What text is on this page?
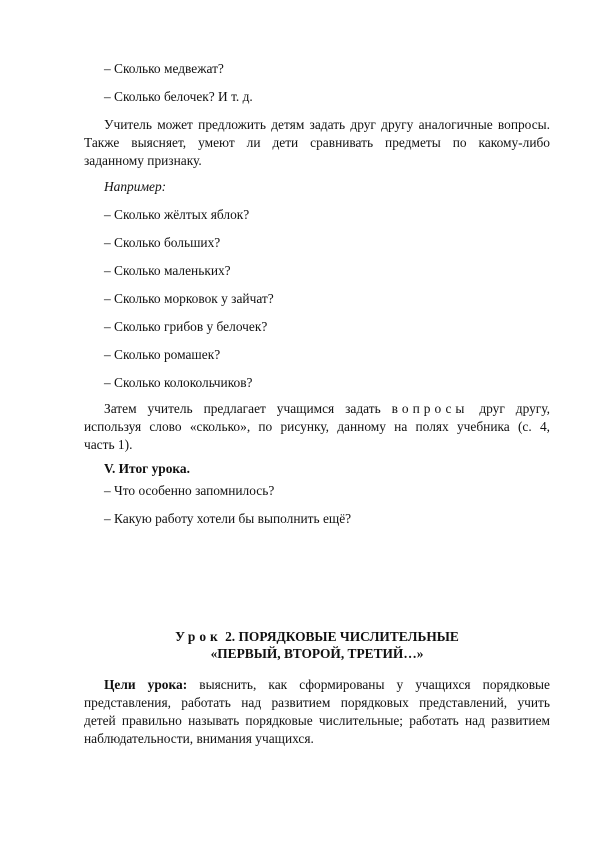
– Сколько медвежат?
– Сколько белочек? И т. д.
Учитель может предложить детям задать друг другу аналогичные вопросы.
Также выясняет, умеют ли дети сравнивать предметы по какому-либо
заданному признаку.
Например:
– Сколько жёлтых яблок?
– Сколько больших?
– Сколько маленьких?
– Сколько морковок у зайчат?
– Сколько грибов у белочек?
– Сколько ромашек?
– Сколько колокольчиков?
Затем учитель предлагает учащимся задать вопросы друг другу,
используя слово «сколько», по рисунку, данному на полях учебника (с. 4,
часть 1).
V. Итог урока.
– Что особенно запомнилось?
– Какую работу хотели бы выполнить ещё?
Урок 2. ПОРЯДКОВЫЕ ЧИСЛИТЕЛЬНЫЕ
«ПЕРВЫЙ, ВТОРОЙ, ТРЕТИЙ…»
Цели урока: выяснить, как сформированы у учащихся порядковые
представления, работать над развитием порядковых представлений, учить
детей правильно называть порядковые числительные; работать над развитием
наблюдательности, внимания учащихся.
